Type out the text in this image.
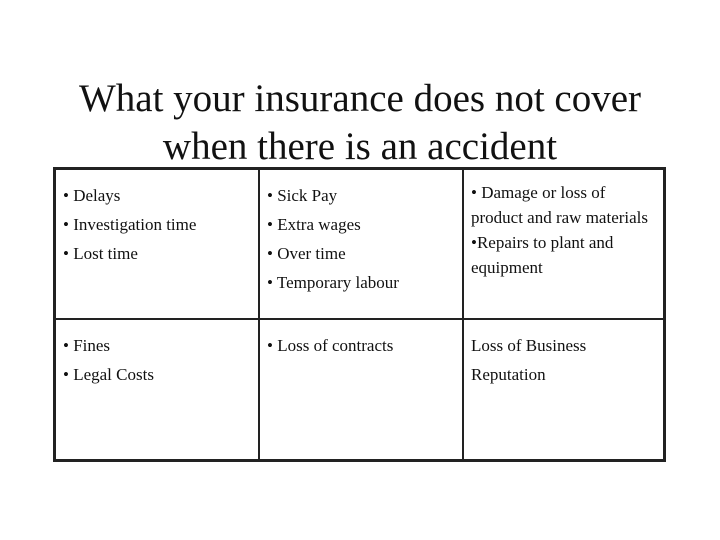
What your insurance does not cover
when there is an accident
• Delays
• Investigation time
• Lost time
• Sick Pay
• Extra wages
• Over time
• Temporary labour
• Damage or loss of product and raw materials
•Repairs to plant and equipment
• Fines
• Legal Costs
• Loss of contracts	Loss of Business Reputation
